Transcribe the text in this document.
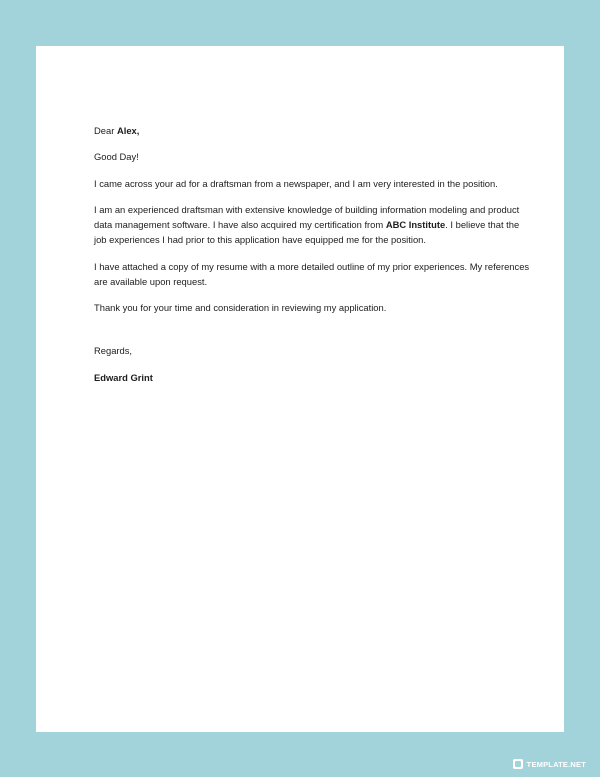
Dear Alex,

Good Day!

I came across your ad for a draftsman from a newspaper, and I am very interested in the position.

I am an experienced draftsman with extensive knowledge of building information modeling and product data management software. I have also acquired my certification from ABC Institute. I believe that the job experiences I had prior to this application have equipped me for the position.

I have attached a copy of my resume with a more detailed outline of my prior experiences. My references are available upon request.

Thank you for your time and consideration in reviewing my application.

Regards,

Edward Grint

TEMPLATE.NET
